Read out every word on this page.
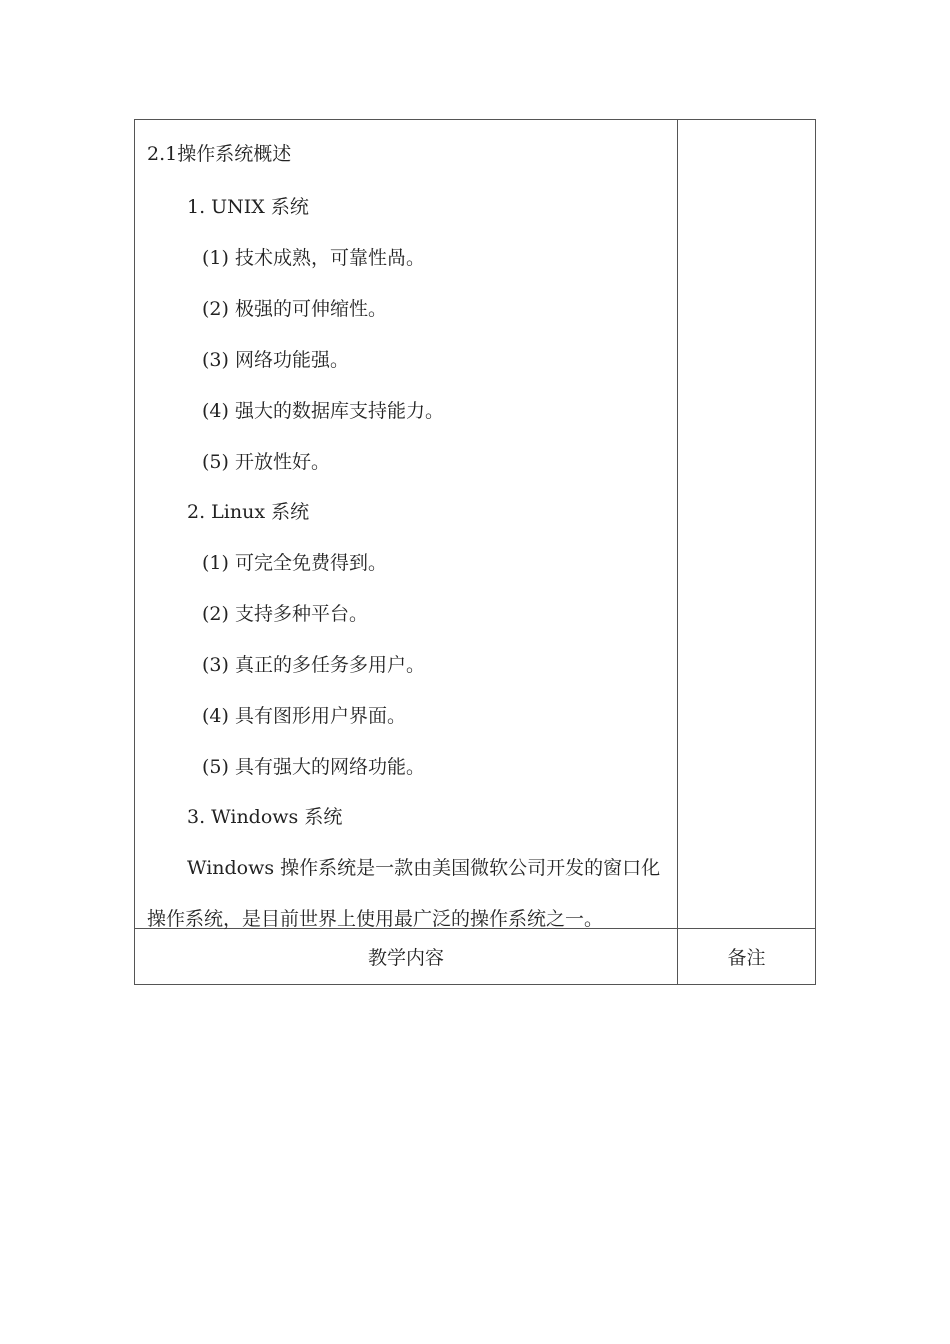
2.1操作系统概述
1. UNIX 系统
(1) 技术成熟，可靠性咼。
(2) 极强的可伸缩性。
(3) 网络功能强。
(4) 强大的数据库支持能力。
(5) 开放性好。
2. Linux 系统
(1) 可完全免费得到。
(2) 支持多种平台。
(3) 真正的多任务多用户。
(4) 具有图形用户界面。
(5) 具有强大的网络功能。
3. Windows 系统
Windows 操作系统是一款由美国微软公司开发的窗口化
操作系统，是目前世界上使用最广泛的操作系统之一。
教学内容	备注
